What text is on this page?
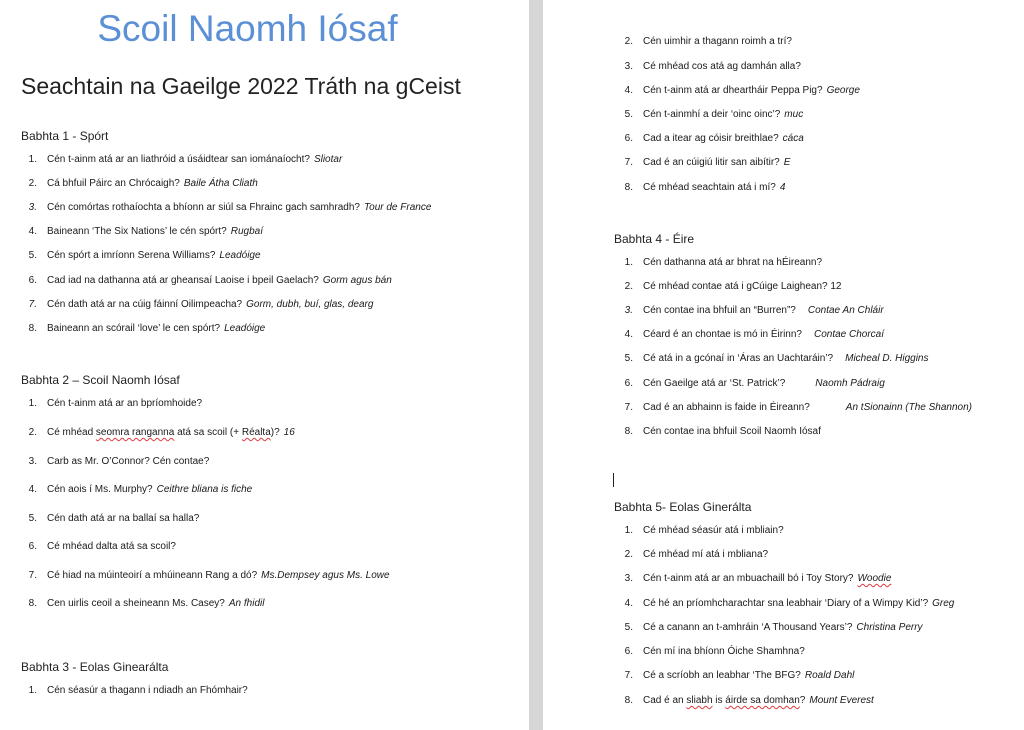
Scoil Naomh Iósaf
Seachtain na Gaeilge 2022 Tráth na gCeist
Babhta 1 - Spórt
1. Cén t-ainm atá ar an liathróid a úsáidtear san iománaíocht? Sliotar
2. Cá bhfuil Páirc an Chrócaigh? Baile Átha Cliath
3. Cén comórtas rothaíochta a bhíonn ar siúl sa Fhrainc gach samhradh? Tour de France
4. Baineann ‘The Six Nations’ le cén spórt? Rugbaí
5. Cén spórt a imríonn Serena Williams? Leadóige
6. Cad iad na dathanna atá ar gheansaí Laoise i bpeil Gaelach? Gorm agus bán
7. Cén dath atá ar na cúig fáinní Oilimpeacha? Gorm, dubh, buí, glas, dearg
8. Baineann an scórail ‘love’ le cen spórt? Leadóige
Babhta 2 – Scoil Naomh Iósaf
1. Cén t-ainm atá ar an bpríomhoide?
2. Cé mhéad seomra ranganna atá sa scoil (+ Réalta)? 16
3. Carb as Mr. O’Connor? Cén contae?
4. Cén aois í Ms. Murphy? Ceithre bliana is fiche
5. Cén dath atá ar na ballaí sa halla?
6. Cé mhéad dalta atá sa scoil?
7. Cé hiad na múinteoirí a mhúineann Rang a dó? Ms.Dempsey agus Ms. Lowe
8. Cen uirlis ceoil a sheineann Ms. Casey? An fhidil
Babhta 3 - Eolas Ginearálta
1. Cén séasúr a thagann i ndiadh an Fhómhair?
2. Cén uimhir a thagann roimh a trí?
3. Cé mhéad cos atá ag damhán alla?
4. Cén t-ainm atá ar dheartháir Peppa Pig? George
5. Cén t-ainmhí a deir ‘oinc oinc’? muc
6. Cad a itear ag cóisir breithlae? cáca
7. Cad é an cúigiú litir san aibítir? E
8. Cé mhéad seachtain atá i mí? 4
Babhta 4 - Éire
1. Cén dathanna atá ar bhrat na hÉireann?
2. Cé mhéad contae atá i gCúige Laighean? 12
3. Cén contae ina bhfuil an “Burren”? Contae An Chláir
4. Céard é an chontae is mó in Éirinn? Contae Chorcaí
5. Cé atá in a gcónaí in ‘Áras an Uachtaráin’? Micheal D. Higgins
6. Cén Gaeilge atá ar ‘St. Patrick’?	Naomh Pádraig
7. Cad é an abhainn is faide in Éireann?	An tSionainn (The Shannon)
8. Cén contae ina bhfuil Scoil Naomh Iósaf
Babhta 5- Eolas Ginerálta
1. Cé mhéad séasúr atá i mbliain?
2. Cé mhéad mí atá i mbliana?
3. Cén t-ainm atá ar an mbuachaill bó i Toy Story? Woodie
4. Cé hé an príomhcharachtar sna leabhair ‘Diary of a Wimpy Kid’? Greg
5. Cé a canann an t-amhráin ‘A Thousand Years’? Christina Perry
6. Cén mí ina bhíonn Óiche Shamhna?
7. Cé a scríobh an leabhar ‘The BFG? Roald Dahl
8. Cad é an sliabh is áirde sa domhan? Mount Everest
